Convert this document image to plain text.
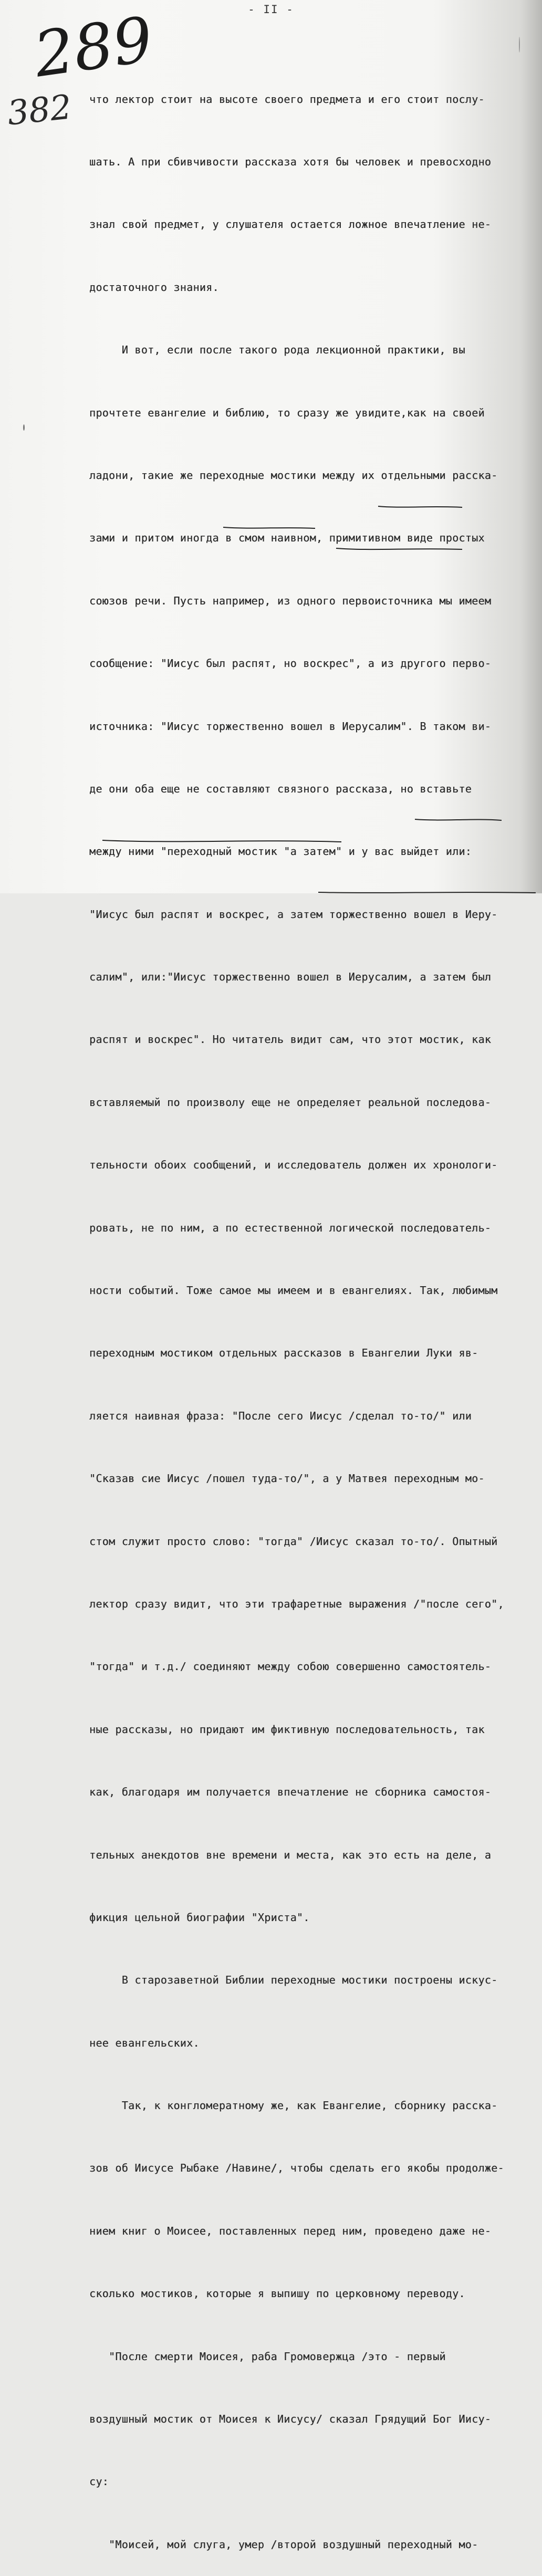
- II -
289
382

что лектор стоит на высоте своего предмета и его стоит послу-

шать. А при сбивчивости рассказа хотя бы человек и превосходно

знал свой предмет, у слушателя остается ложное впечатление не-

достаточного знания.

И вот, если после такого рода лекционной практики, вы

прочтете евангелие и библию, то сразу же увидите,как на своей

ладони, такие же переходные мостики между их отдельными расска-

зами и притом иногда в смом наивном, примитивном виде простых

союзов речи. Пусть например, из одного первоисточника мы имеем

сообщение: "Иисус был распят, но воскрес", а из другого перво-

источника: "Иисус торжественно вошел в Иерусалим". В таком ви-

де они оба еще не составляют связного рассказа, но вставьте

между ними "переходный мостик "а затем" и у вас выйдет или:

"Иисус был распят и воскрес, а затем торжественно вошел в Иеру-

салим", или:"Иисус торжественно вошел в Иерусалим, а затем был

распят и воскрес". Но читатель видит сам, что этот мостик, как

вставляемый по произволу еще не определяет реальной последова-

тельности обоих сообщений, и исследователь должен их хронологи-

ровать, не по ним, а по естественной логической последователь-

ности событий. Тоже самое мы имеем и в евангелиях. Так, любимым

переходным мостиком отдельных рассказов в Евангелии Луки яв-

ляется наивная фраза: "После сего Иисус /сделал то-то/" или

"Сказав сие Иисус /пошел туда-то/", а у Матвея переходным мо-

стом служит просто слово: "тогда" /Иисус сказал то-то/. Опытный

лектор сразу видит, что эти трафаретные выражения /"после сего",

"тогда" и т.д./ соединяют между собою совершенно самостоятель-

ные рассказы, но придают им фиктивную последовательность, так

как, благодаря им получается впечатление не сборника самостоя-

тельных анекдотов вне времени и места, как это есть на деле, а

фикция цельной биографии "Христа".

В старозаветной Библии переходные мостики построены искус-

нее евангельских.

Так, к конгломератному же, как Евангелие, сборнику расска-

зов об Иисусе Рыбаке /Навине/, чтобы сделать его якобы продолже-

нием книг о Моисее, поставленных перед ним, проведено даже не-

сколько мостиков, которые я выпишу по церковному переводу.

"После смерти Моисея, раба Громовержца /это - первый

воздушный мостик от Моисея к Иисусу/ сказал Грядущий Бог Иису-

су:

"Моисей, мой слуга, умер /второй воздушный переходный мо-
